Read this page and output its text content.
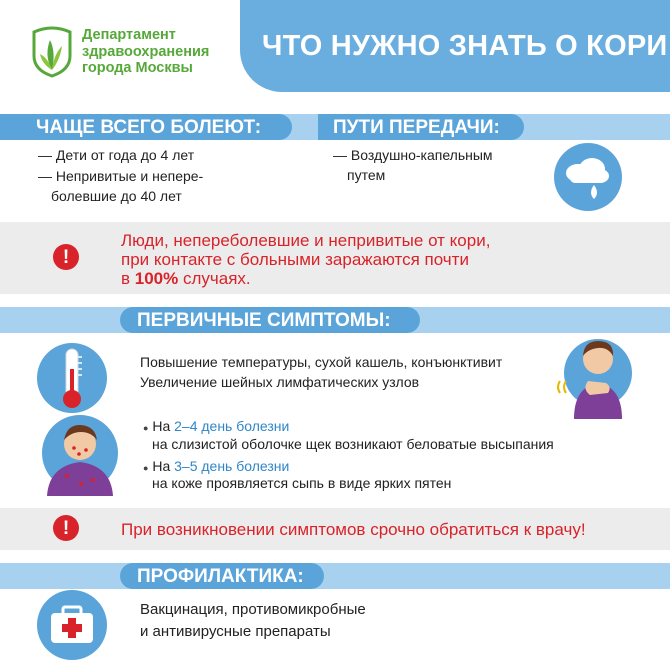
Департамент
здравоохранения
города Москвы
ЧТО НУЖНО ЗНАТЬ О КОРИ
ЧАЩЕ ВСЕГО БОЛЕЮТ:	ПУТИ ПЕРЕДАЧИ:
— Дети от года до 4 лет
— Непривитые и непере-
болевшие до 40 лет
— Воздушно-капельным
путем
!
Люди, непереболевшие и непривитые от кори,
при контакте с больными заражаются почти
в 100% случаях.
ПЕРВИЧНЫЕ СИМПТОМЫ:
Повышение температуры, сухой кашель, конъюнктивит
Увеличение шейных лимфатических узлов
● На 2–4 день болезни
на слизистой оболочке щек возникают беловатые высыпания
● На 3–5 день болезни
на коже проявляется сыпь в виде ярких пятен
!	При возникновении симптомов срочно обратиться к врачу!
ПРОФИЛАКТИКА:
Вакцинация, противомикробные
и антивирусные препараты
